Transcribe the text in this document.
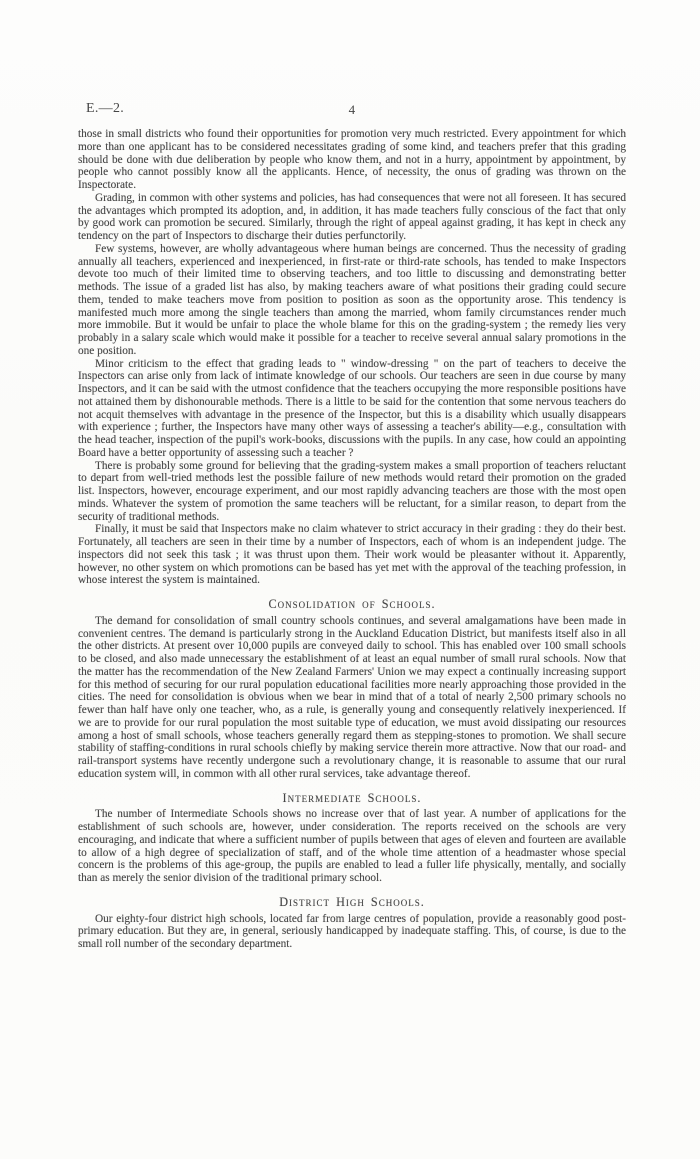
E.—2.	4

those in small districts who found their opportunities for promotion very much restricted. Every appointment for which more than one applicant has to be considered necessitates grading of some kind, and teachers prefer that this grading should be done with due deliberation by people who know them, and not in a hurry, appointment by appointment, by people who cannot possibly know all the applicants. Hence, of necessity, the onus of grading was thrown on the Inspectorate.

Grading, in common with other systems and policies, has had consequences that were not all foreseen. It has secured the advantages which prompted its adoption, and, in addition, it has made teachers fully conscious of the fact that only by good work can promotion be secured. Similarly, through the right of appeal against grading, it has kept in check any tendency on the part of Inspectors to discharge their duties perfunctorily.

Few systems, however, are wholly advantageous where human beings are concerned. Thus the necessity of grading annually all teachers, experienced and inexperienced, in first-rate or third-rate schools, has tended to make Inspectors devote too much of their limited time to observing teachers, and too little to discussing and demonstrating better methods. The issue of a graded list has also, by making teachers aware of what positions their grading could secure them, tended to make teachers move from position to position as soon as the opportunity arose. This tendency is manifested much more among the single teachers than among the married, whom family circumstances render much more immobile. But it would be unfair to place the whole blame for this on the grading-system ; the remedy lies very probably in a salary scale which would make it possible for a teacher to receive several annual salary promotions in the one position.

Minor criticism to the effect that grading leads to " window-dressing " on the part of teachers to deceive the Inspectors can arise only from lack of intimate knowledge of our schools. Our teachers are seen in due course by many Inspectors, and it can be said with the utmost confidence that the teachers occupying the more responsible positions have not attained them by dishonourable methods. There is a little to be said for the contention that some nervous teachers do not acquit themselves with advantage in the presence of the Inspector, but this is a disability which usually disappears with experience ; further, the Inspectors have many other ways of assessing a teacher's ability—e.g., consultation with the head teacher, inspection of the pupil's work-books, discussions with the pupils. In any case, how could an appointing Board have a better opportunity of assessing such a teacher ?

There is probably some ground for believing that the grading-system makes a small proportion of teachers reluctant to depart from well-tried methods lest the possible failure of new methods would retard their promotion on the graded list. Inspectors, however, encourage experiment, and our most rapidly advancing teachers are those with the most open minds. Whatever the system of promotion the same teachers will be reluctant, for a similar reason, to depart from the security of traditional methods.

Finally, it must be said that Inspectors make no claim whatever to strict accuracy in their grading : they do their best. Fortunately, all teachers are seen in their time by a number of Inspectors, each of whom is an independent judge. The inspectors did not seek this task ; it was thrust upon them. Their work would be pleasanter without it. Apparently, however, no other system on which promotions can be based has yet met with the approval of the teaching profession, in whose interest the system is maintained.

Consolidation of Schools.

The demand for consolidation of small country schools continues, and several amalgamations have been made in convenient centres. The demand is particularly strong in the Auckland Education District, but manifests itself also in all the other districts. At present over 10,000 pupils are conveyed daily to school. This has enabled over 100 small schools to be closed, and also made unnecessary the establishment of at least an equal number of small rural schools. Now that the matter has the recommendation of the New Zealand Farmers' Union we may expect a continually increasing support for this method of securing for our rural population educational facilities more nearly approaching those provided in the cities. The need for consolidation is obvious when we bear in mind that of a total of nearly 2,500 primary schools no fewer than half have only one teacher, who, as a rule, is generally young and consequently relatively inexperienced. If we are to provide for our rural population the most suitable type of education, we must avoid dissipating our resources among a host of small schools, whose teachers generally regard them as stepping-stones to promotion. We shall secure stability of staffing-conditions in rural schools chiefly by making service therein more attractive. Now that our road- and rail-transport systems have recently undergone such a revolutionary change, it is reasonable to assume that our rural education system will, in common with all other rural services, take advantage thereof.

Intermediate Schools.

The number of Intermediate Schools shows no increase over that of last year. A number of applications for the establishment of such schools are, however, under consideration. The reports received on the schools are very encouraging, and indicate that where a sufficient number of pupils between that ages of eleven and fourteen are available to allow of a high degree of specialization of staff, and of the whole time attention of a headmaster whose special concern is the problems of this age-group, the pupils are enabled to lead a fuller life physically, mentally, and socially than as merely the senior division of the traditional primary school.

District High Schools.

Our eighty-four district high schools, located far from large centres of population, provide a reasonably good post-primary education. But they are, in general, seriously handicapped by inadequate staffing. This, of course, is due to the small roll number of the secondary department.
